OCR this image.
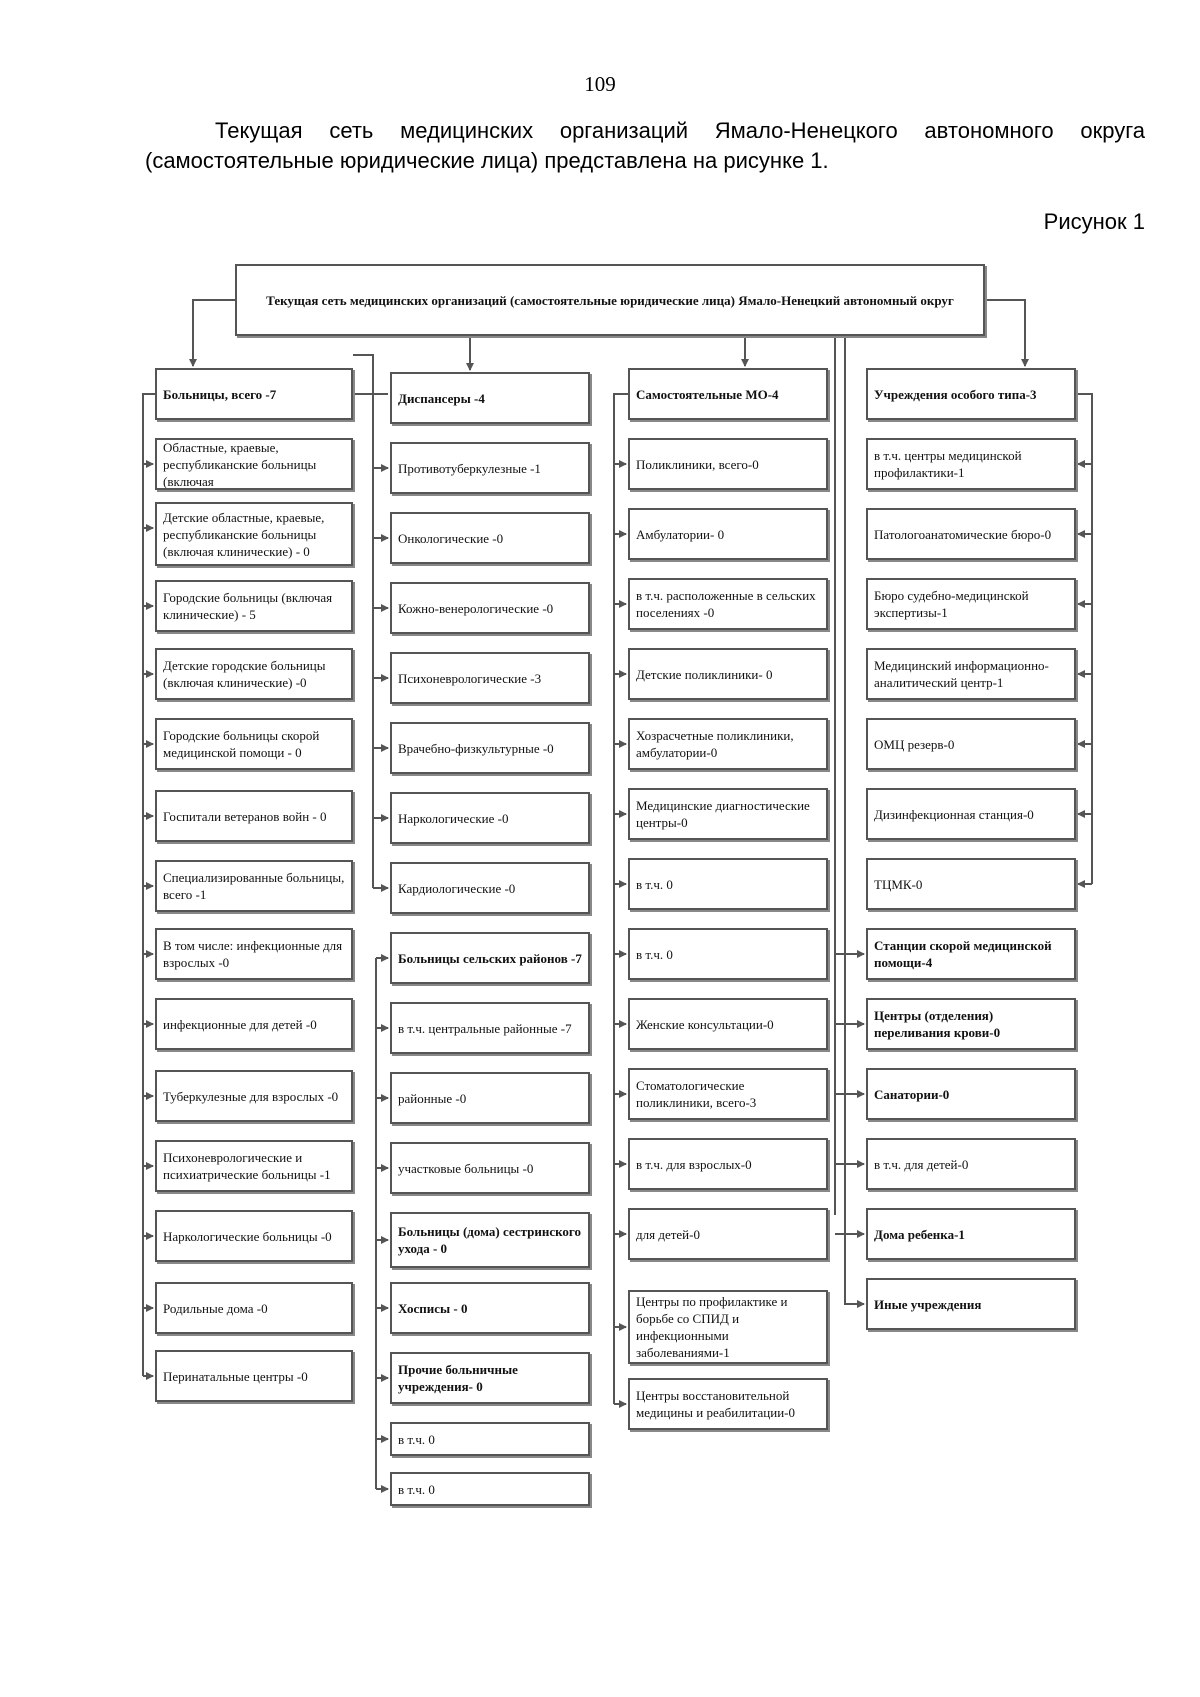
109

Текущая сеть медицинских организаций Ямало-Ненецкого автономного округа (самостоятельные юридические лица) представлена на рисунке 1.

Рисунок 1
Текущая сеть медицинских организаций (самостоятельные юридические лица) Ямало-Ненецкий автономный округ
Больницы, всего -7
Областные, краевые, республиканские больницы (включая
Детские областные, краевые, республиканские больницы (включая клинические) - 0
Городские больницы (включая клинические) - 5
Детские городские больницы (включая клинические) -0
Городские больницы скорой медицинской помощи - 0
Госпитали ветеранов войн - 0
Специализированные больницы, всего -1
В том числе: инфекционные для взрослых -0
инфекционные для детей -0
Туберкулезные для взрослых -0
Психоневрологические и психиатрические больницы -1
Наркологические больницы -0
Родильные дома -0
Перинатальные центры -0
Диспансеры -4
Противотуберкулезные -1
Онкологические -0
Кожно-венерологические -0
Психоневрологические -3
Врачебно-физкультурные -0
Наркологические -0
Кардиологические -0
Больницы сельских районов -7
в т.ч. центральные районные -7
районные -0
участковые больницы -0
Больницы (дома) сестринского ухода - 0
Хосписы - 0
Прочие больничные учреждения- 0
в т.ч. 0
в т.ч. 0
Самостоятельные МО-4
Поликлиники, всего-0
Амбулатории- 0
в т.ч. расположенные в сельских поселениях -0
Детские поликлиники- 0
Хозрасчетные поликлиники, амбулатории-0
Медицинские диагностические центры-0
в т.ч. 0
в т.ч. 0
Женские консультации-0
Стоматологические поликлиники, всего-3
в т.ч. для взрослых-0
для детей-0
Центры по профилактике и борьбе со СПИД и инфекционными заболеваниями-1
Центры восстановительной медицины и реабилитации-0
Учреждения особого типа-3
в т.ч. центры медицинской профилактики-1
Патологоанатомические бюро-0
Бюро судебно-медицинской экспертизы-1
Медицинский информационно-аналитический центр-1
ОМЦ резерв-0
Дизинфекционная станция-0
ТЦМК-0
Станции скорой медицинской помощи-4
Центры (отделения) переливания крови-0
Санатории-0
в т.ч. для детей-0
Дома ребенка-1
Иные учреждения
